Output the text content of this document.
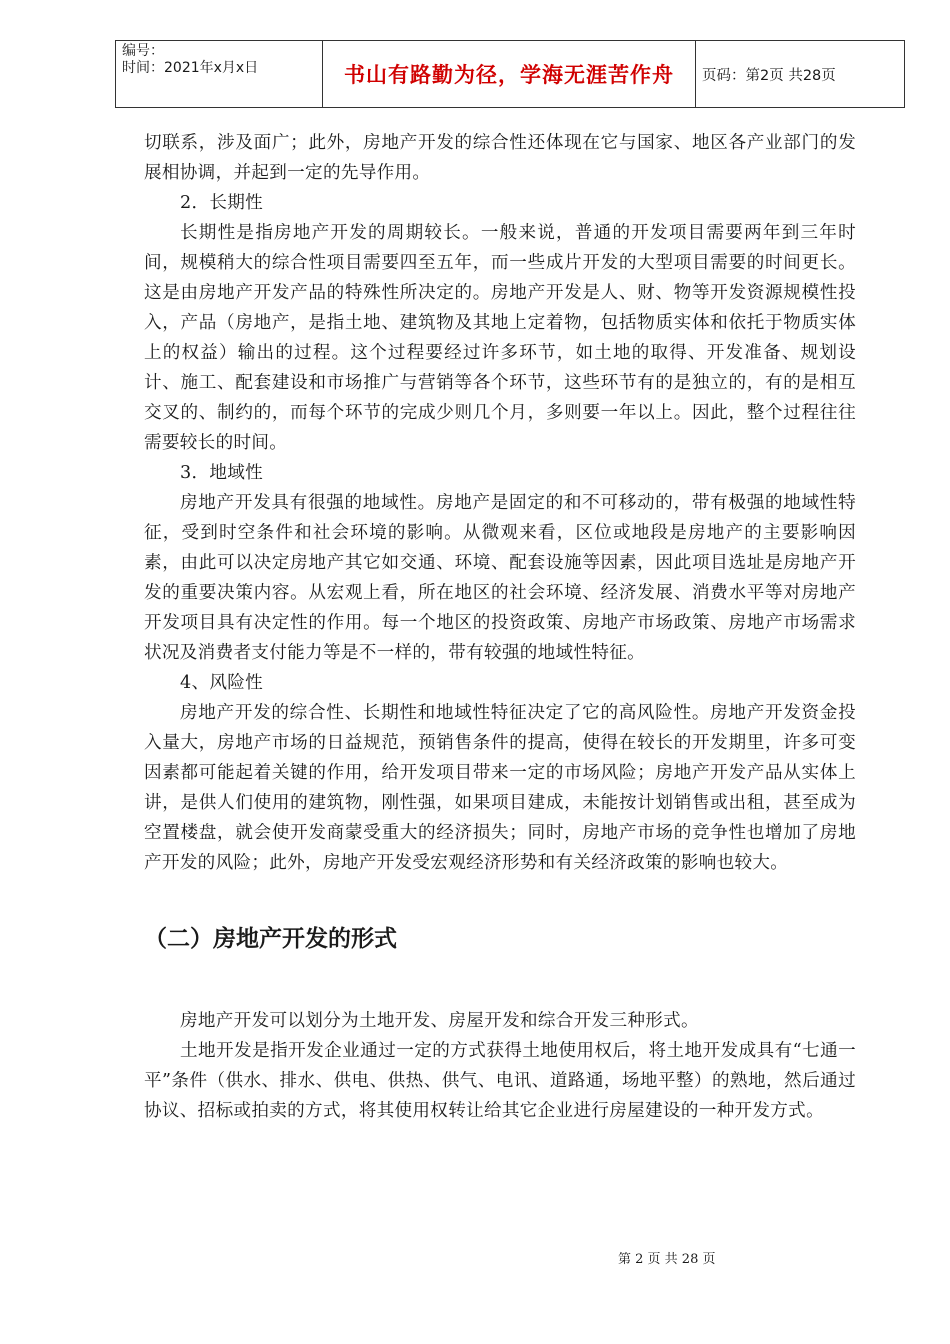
编号：
时间：2021年x月x日	书山有路勤为径，学海无涯苦作舟	页码：第2页 共28页

切联系，涉及面广；此外，房地产开发的综合性还体现在它与国家、地区各产业部门的发展相协调，并起到一定的先导作用。

2．长期性

长期性是指房地产开发的周期较长。一般来说，普通的开发项目需要两年到三年时间，规模稍大的综合性项目需要四至五年，而一些成片开发的大型项目需要的时间更长。这是由房地产开发产品的特殊性所决定的。房地产开发是人、财、物等开发资源规模性投入，产品（房地产，是指土地、建筑物及其地上定着物，包括物质实体和依托于物质实体上的权益）输出的过程。这个过程要经过许多环节，如土地的取得、开发准备、规划设计、施工、配套建设和市场推广与营销等各个环节，这些环节有的是独立的，有的是相互交叉的、制约的，而每个环节的完成少则几个月，多则要一年以上。因此，整个过程往往需要较长的时间。

3．地域性

房地产开发具有很强的地域性。房地产是固定的和不可移动的，带有极强的地域性特征，受到时空条件和社会环境的影响。从微观来看，区位或地段是房地产的主要影响因素，由此可以决定房地产其它如交通、环境、配套设施等因素，因此项目选址是房地产开发的重要决策内容。从宏观上看，所在地区的社会环境、经济发展、消费水平等对房地产开发项目具有决定性的作用。每一个地区的投资政策、房地产市场政策、房地产市场需求状况及消费者支付能力等是不一样的，带有较强的地域性特征。

4、风险性

房地产开发的综合性、长期性和地域性特征决定了它的高风险性。房地产开发资金投入量大，房地产市场的日益规范，预销售条件的提高，使得在较长的开发期里，许多可变因素都可能起着关键的作用，给开发项目带来一定的市场风险；房地产开发产品从实体上讲，是供人们使用的建筑物，刚性强，如果项目建成，未能按计划销售或出租，甚至成为空置楼盘，就会使开发商蒙受重大的经济损失；同时，房地产市场的竞争性也增加了房地产开发的风险；此外，房地产开发受宏观经济形势和有关经济政策的影响也较大。

（二）房地产开发的形式

房地产开发可以划分为土地开发、房屋开发和综合开发三种形式。

土地开发是指开发企业通过一定的方式获得土地使用权后，将土地开发成具有“七通一平”条件（供水、排水、供电、供热、供气、电讯、道路通，场地平整）的熟地，然后通过协议、招标或拍卖的方式，将其使用权转让给其它企业进行房屋建设的一种开发方式。

第 2 页 共 28 页
